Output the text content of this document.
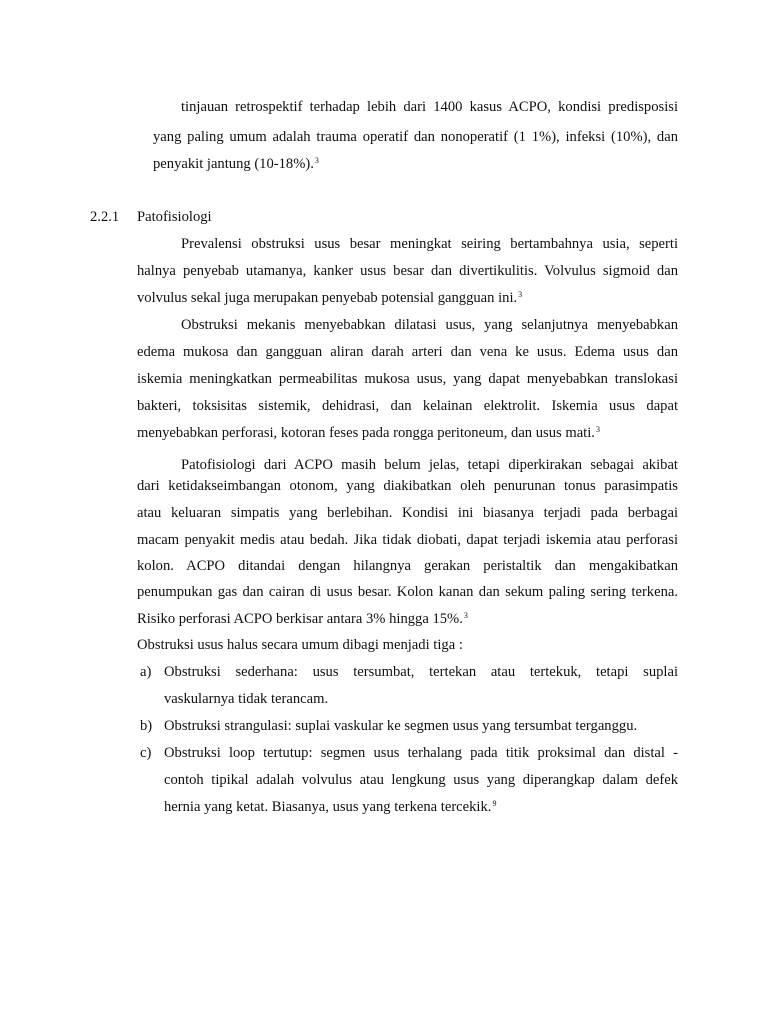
tinjauan retrospektif terhadap lebih dari 1400 kasus ACPO, kondisi predisposisi
yang paling umum adalah trauma operatif dan nonoperatif (1 1%), infeksi (10%), dan
penyakit jantung (10-18%).$^3$
2.2.1 Patofisiologi
Prevalensi obstruksi usus besar meningkat seiring bertambahnya usia, seperti
halnya penyebab utamanya, kanker usus besar dan divertikulitis. Volvulus sigmoid dan
volvulus sekal juga merupakan penyebab potensial gangguan ini.$^3$
Obstruksi mekanis menyebabkan dilatasi usus, yang selanjutnya menyebabkan
edema mukosa dan gangguan aliran darah arteri dan vena ke usus. Edema usus dan
iskemia meningkatkan permeabilitas mukosa usus, yang dapat menyebabkan translokasi
bakteri, toksisitas sistemik, dehidrasi, dan kelainan elektrolit. Iskemia usus dapat
menyebabkan perforasi, kotoran feses pada rongga peritoneum, dan usus mati.$^3$
Patofisiologi dari ACPO masih belum jelas, tetapi diperkirakan sebagai akibat
dari ketidakseimbangan otonom, yang diakibatkan oleh penurunan tonus parasimpatis
atau keluaran simpatis yang berlebihan. Kondisi ini biasanya terjadi pada berbagai
macam penyakit medis atau bedah. Jika tidak diobati, dapat terjadi iskemia atau perforasi
kolon. ACPO ditandai dengan hilangnya gerakan peristaltik dan mengakibatkan
penumpukan gas dan cairan di usus besar. Kolon kanan dan sekum paling sering terkena.
Risiko perforasi ACPO berkisar antara 3% hingga 15%.$^3$
Obstruksi usus halus secara umum dibagi menjadi tiga :
a) Obstruksi sederhana: usus tersumbat, tertekan atau tertekuk, tetapi suplai
vaskularnya tidak terancam.
b) Obstruksi strangulasi: suplai vaskular ke segmen usus yang tersumbat terganggu.
c) Obstruksi loop tertutup: segmen usus terhalang pada titik proksimal dan distal -
contoh tipikal adalah volvulus atau lengkung usus yang diperangkap dalam defek
hernia yang ketat. Biasanya, usus yang terkena tercekik.$^9$
